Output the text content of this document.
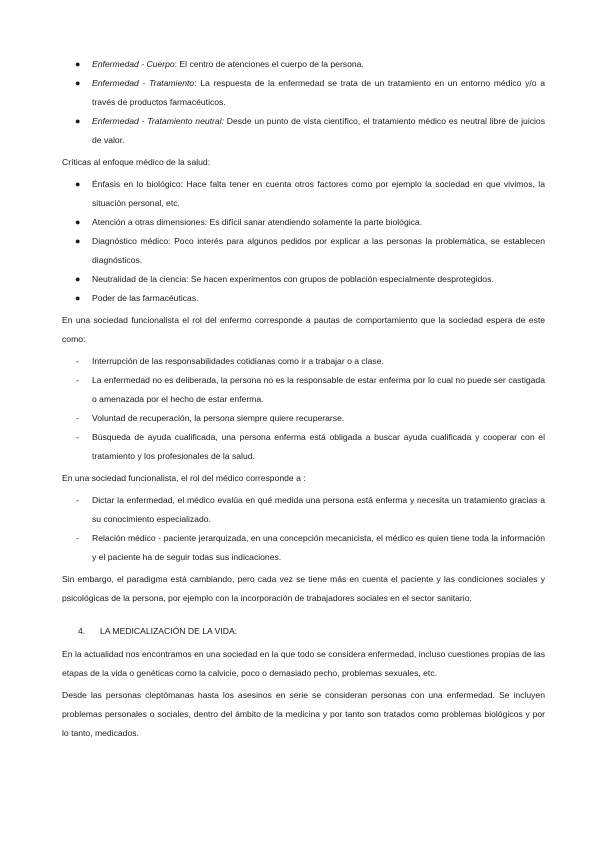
● Enfermedad - Cuerpo: El centro de atenciones el cuerpo de la persona.
● Enfermedad - Tratamiento: La respuesta de la enfermedad se trata de un tratamiento en un entorno médico y/o a través de productos farmacéuticos.
● Enfermedad - Tratamiento neutral: Desde un punto de vista científico, el tratamiento médico es neutral libre de juicios de valor.

Críticas al enfoque médico de la salud:

● Énfasis en lo biológico: Hace falta tener en cuenta otros factores como por ejemplo la sociedad en que vivimos, la situación personal, etc.
● Atención a otras dimensiones: Es difícil sanar atendiendo solamente la parte biológica.
● Diagnóstico médico: Poco interés para algunos pedidos por explicar a las personas la problemática, se establecen diagnósticos.
● Neutralidad de la ciencia: Se hacen experimentos con grupos de población especialmente desprotegidos.
● Poder de las farmacéuticas.

En una sociedad funcionalista el rol del enfermo corresponde a pautas de comportamiento que la sociedad espera de este como:

- Interrupción de las responsabilidades cotidianas como ir a trabajar o a clase.
- La enfermedad no es deliberada, la persona no es la responsable de estar enferma por lo cual no puede ser castigada o amenazada por el hecho de estar enferma.
- Voluntad de recuperación, la persona siempre quiere recuperarse.
- Búsqueda de ayuda cualificada, una persona enferma está obligada a buscar ayuda cualificada y cooperar con el tratamiento y los profesionales de la salud.

En una sociedad funcionalista, el rol del médico corresponde a :

- Dictar la enfermedad, el médico evalúa en qué medida una persona está enferma y necesita un tratamiento gracias a su conocimiento especializado.
- Relación médico - paciente jerarquizada, en una concepción mecanicista, el médico es quien tiene toda la información y el paciente ha de seguir todas sus indicaciones.

Sin embargo, el paradigma está cambiando, pero cada vez se tiene más en cuenta el paciente y las condiciones sociales y psicológicas de la persona, por ejemplo con la incorporación de trabajadores sociales en el sector sanitario.

4. LA MEDICALIZACIÓN DE LA VIDA:

En la actualidad nos encontramos en una sociedad en la que todo se considera enfermedad, incluso cuestiones propias de las etapas de la vida o genéticas como la calvicie, poco o demasiado pecho, problemas sexuales, etc.

Desde las personas cleptómanas hasta los asesinos en serie se consideran personas con una enfermedad. Se incluyen problemas personales o sociales, dentro del ámbito de la medicina y por tanto son tratados como problemas biológicos y por lo tanto, medicados.
